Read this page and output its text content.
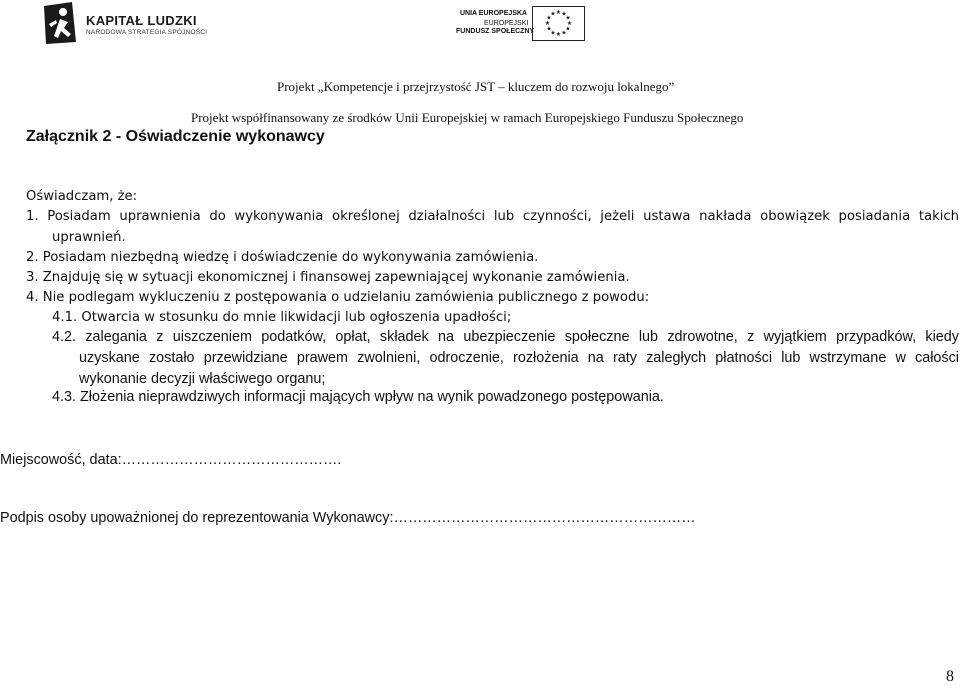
KAPITAŁ LUDZKI
NARODOWA STRATEGIA SPÓJNOŚCI
UNIA EUROPEJSKA
EUROPEJSKI
FUNDUSZ SPOŁECZNY
★ ★
★
★
★
★
★
★
★
★
★
★
Projekt „Kompetencje i przejrzystość JST – kluczem do rozwoju lokalnego”
Projekt współfinansowany ze środków Unii Europejskiej w ramach Europejskiego Funduszu Społecznego
Załącznik 2 - Oświadczenie wykonawcy
Oświadczam, że:
1. Posiadam uprawnienia do wykonywania określonej działalności lub czynności, jeżeli ustawa nakłada obowiązek posiadania takich
uprawnień.
2. Posiadam niezbędną wiedzę i doświadczenie do wykonywania zamówienia.
3. Znajduję się w sytuacji ekonomicznej i finansowej zapewniającej wykonanie zamówienia.
4. Nie podlegam wykluczeniu z postępowania o udzielaniu zamówienia publicznego z powodu:
4.1. Otwarcia w stosunku do mnie likwidacji lub ogłoszenia upadłości;
4.2. zalegania z uiszczeniem podatków, opłat, składek na ubezpieczenie społeczne lub zdrowotne, z wyjątkiem przypadków, kiedy
uzyskane zostało przewidziane prawem zwolnieni, odroczenie, rozłożenia na raty zaległych płatności lub wstrzymane w całości
wykonanie decyzji właściwego organu;
4.3. Złożenia nieprawdziwych informacji mających wpływ na wynik powadzonego postępowania.
Miejscowość, data:……………………………………….
Podpis osoby upoważnionej do reprezentowania Wykonawcy:………………………………………………………
8
